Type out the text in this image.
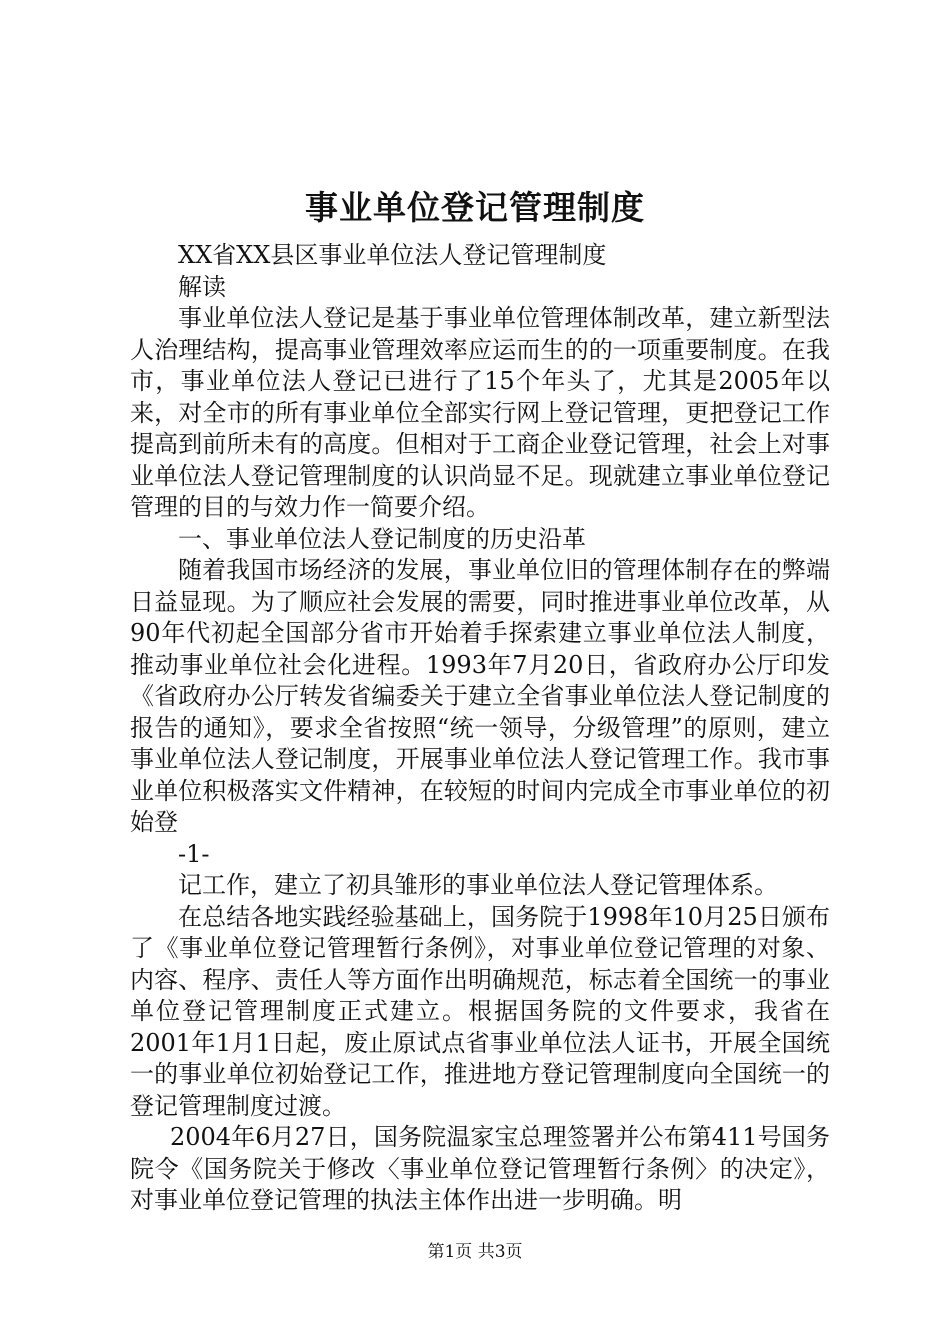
事业单位登记管理制度

XX省XX县区事业单位法人登记管理制度

解读

事业单位法人登记是基于事业单位管理体制改革，建立新型法人治理结构，提高事业管理效率应运而生的的一项重要制度。在我市，事业单位法人登记已进行了15个年头了，尤其是2005年以来，对全市的所有事业单位全部实行网上登记管理，更把登记工作提高到前所未有的高度。但相对于工商企业登记管理，社会上对事业单位法人登记管理制度的认识尚显不足。现就建立事业单位登记管理的目的与效力作一简要介绍。

一、事业单位法人登记制度的历史沿革

随着我国市场经济的发展，事业单位旧的管理体制存在的弊端日益显现。为了顺应社会发展的需要，同时推进事业单位改革，从90年代初起全国部分省市开始着手探索建立事业单位法人制度，推动事业单位社会化进程。1993年7月20日，省政府办公厅印发《省政府办公厅转发省编委关于建立全省事业单位法人登记制度的报告的通知》，要求全省按照“统一领导，分级管理”的原则，建立事业单位法人登记制度，开展事业单位法人登记管理工作。我市事业单位积极落实文件精神，在较短的时间内完成全市事业单位的初始登

-1-

记工作，建立了初具雏形的事业单位法人登记管理体系。

在总结各地实践经验基础上，国务院于1998年10月25日颁布了《事业单位登记管理暂行条例》，对事业单位登记管理的对象、内容、程序、责任人等方面作出明确规范，标志着全国统一的事业单位登记管理制度正式建立。根据国务院的文件要求，我省在2001年1月1日起，废止原试点省事业单位法人证书，开展全国统一的事业单位初始登记工作，推进地方登记管理制度向全国统一的登记管理制度过渡。

2004年6月27日，国务院温家宝总理签署并公布第411号国务院令《国务院关于修改〈事业单位登记管理暂行条例〉的决定》，对事业单位登记管理的执法主体作出进一步明确。明

第1页 共3页
